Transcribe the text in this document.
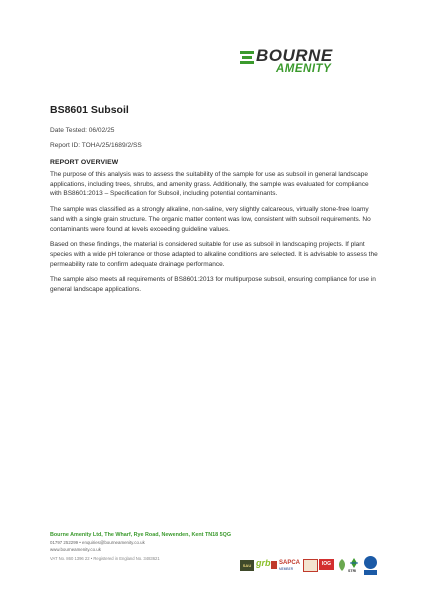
BOURNE
AMENITY
BS8601 Subsoil

Date Tested: 06/02/25

Report ID: TOHA/25/1689/2/SS

REPORT OVERVIEW

The purpose of this analysis was to assess the suitability of the sample for use as subsoil in general landscape applications, including trees, shrubs, and amenity grass. Additionally, the sample was evaluated for compliance with BS8601:2013 – Specification for Subsoil, including potential contaminants.

The sample was classified as a strongly alkaline, non-saline, very slightly calcareous, virtually stone-free loamy sand with a single grain structure. The organic matter content was low, consistent with subsoil requirements. No contaminants were found at levels exceeding guideline values.

Based on these findings, the material is considered suitable for use as subsoil in landscaping projects. If plant species with a wide pH tolerance or those adapted to alkaline conditions are selected. It is advisable to assess the permeability rate to confirm adequate drainage performance.

The sample also meets all requirements of BS8601:2013 for multipurpose subsoil, ensuring compliance for use in general landscape applications.

Bourne Amenity Ltd, The Wharf, Rye Road, Newenden, Kent TN18 5QG

01797 252299 • enquiries@bourneamenity.co.uk

www.bourneamenity.co.uk

VAT No. 860 1396 22 • Registered in England No. 3483621

SAU grb SAPCA
MEMBER
IOG
STRI
